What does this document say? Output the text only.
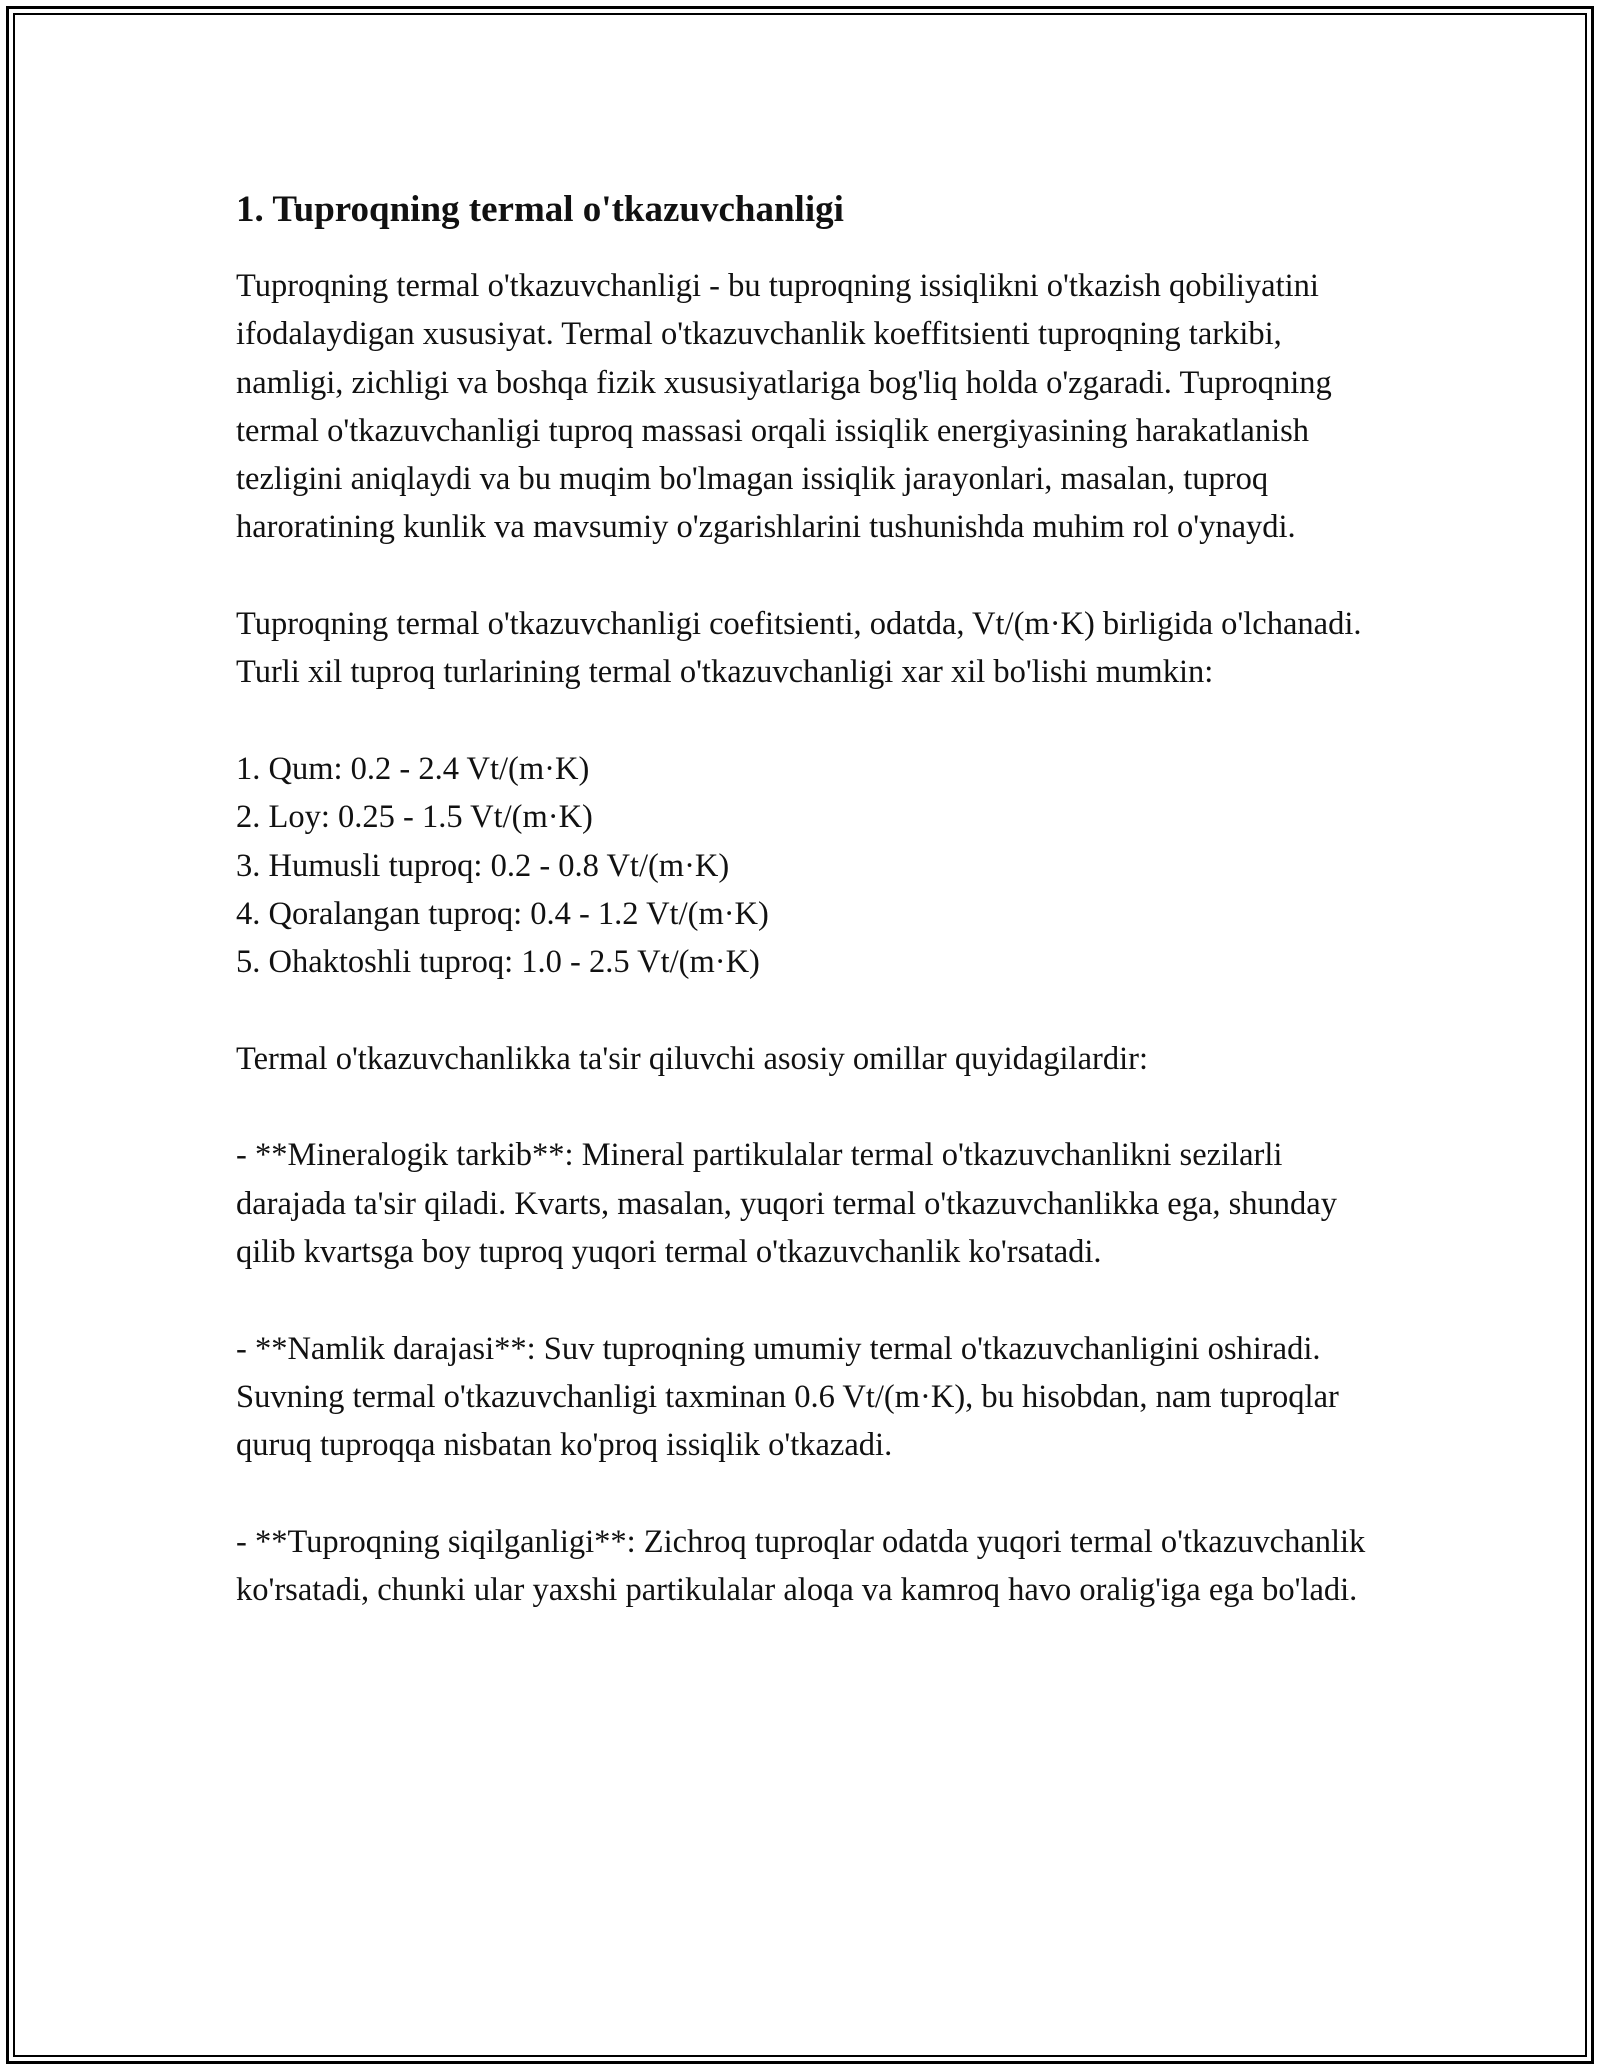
1. Tuproqning termal o'tkazuvchanligi

Tuproqning termal o'tkazuvchanligi - bu tuproqning issiqlikni o'tkazish qobiliyatini ifodalaydigan xususiyat. Termal o'tkazuvchanlik koeffitsienti tuproqning tarkibi, namligi, zichligi va boshqa fizik xususiyatlariga bog'liq holda o'zgaradi. Tuproqning termal o'tkazuvchanligi tuproq massasi orqali issiqlik energiyasining harakatlanish tezligini aniqlaydi va bu muqim bo'lmagan issiqlik jarayonlari, masalan, tuproq haroratining kunlik va mavsumiy o'zgarishlarini tushunishda muhim rol o'ynaydi.

Tuproqning termal o'tkazuvchanligi coefitsienti, odatda, Vt/(m·K) birligida o'lchanadi. Turli xil tuproq turlarining termal o'tkazuvchanligi xar xil bo'lishi mumkin:

1. Qum: 0.2 - 2.4 Vt/(m·K)
2. Loy: 0.25 - 1.5 Vt/(m·K)
3. Humusli tuproq: 0.2 - 0.8 Vt/(m·K)
4. Qoralangan tuproq: 0.4 - 1.2 Vt/(m·K)
5. Ohaktoshli tuproq: 1.0 - 2.5 Vt/(m·K)

Termal o'tkazuvchanlikka ta'sir qiluvchi asosiy omillar quyidagilardir:

- **Mineralogik tarkib**: Mineral partikulalar termal o'tkazuvchanlikni sezilarli darajada ta'sir qiladi. Kvarts, masalan, yuqori termal o'tkazuvchanlikka ega, shunday qilib kvartsga boy tuproq yuqori termal o'tkazuvchanlik ko'rsatadi.

- **Namlik darajasi**: Suv tuproqning umumiy termal o'tkazuvchanligini oshiradi. Suvning termal o'tkazuvchanligi taxminan 0.6 Vt/(m·K), bu hisobdan, nam tuproqlar quruq tuproqqa nisbatan ko'proq issiqlik o'tkazadi.

- **Tuproqning siqilganligi**: Zichroq tuproqlar odatda yuqori termal o'tkazuvchanlik ko'rsatadi, chunki ular yaxshi partikulalar aloqa va kamroq havo oralig'iga ega bo'ladi.
